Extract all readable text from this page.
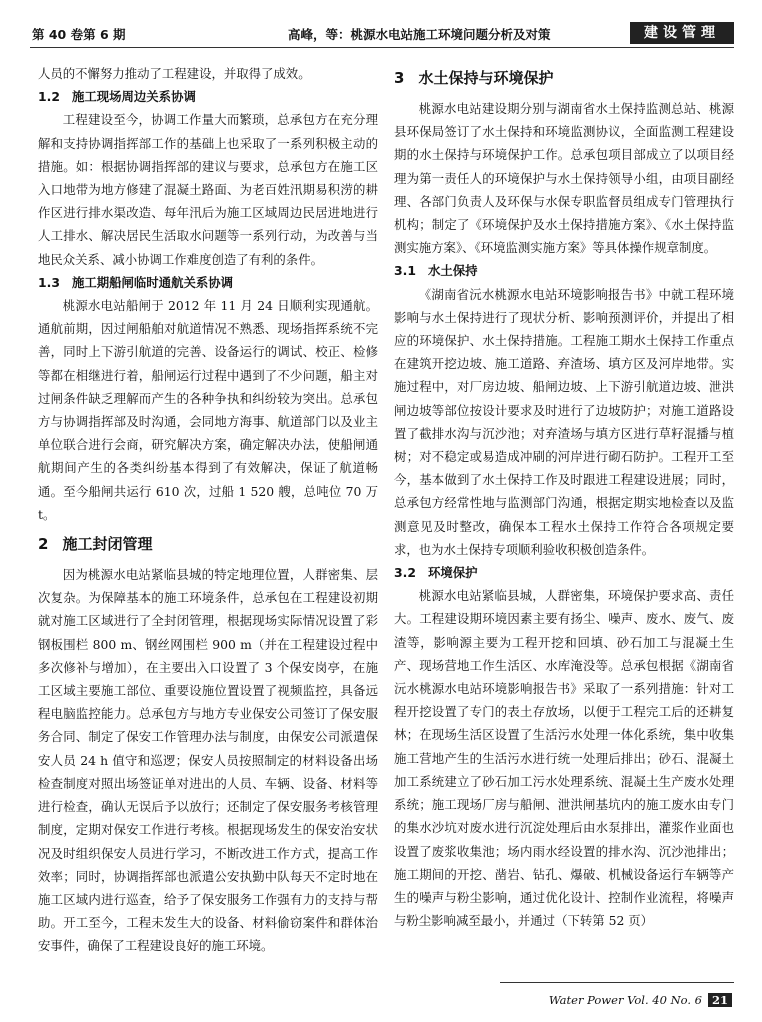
第 40 卷第 6 期	高峰，等：桃源水电站施工环境问题分析及对策	建设管理

人员的不懈努力推动了工程建设，并取得了成效。

1.2 施工现场周边关系协调

工程建设至今，协调工作量大而繁琐，总承包方在充分理解和支持协调指挥部工作的基础上也采取了一系列积极主动的措施。如：根据协调指挥部的建议与要求，总承包方在施工区入口地带为地方修建了混凝土路面、为老百姓汛期易积涝的耕作区进行排水渠改造、每年汛后为施工区域周边民居进地进行人工排水、解决居民生活取水问题等一系列行动，为改善与当地民众关系、减小协调工作难度创造了有利的条件。

1.3 施工期船闸临时通航关系协调

桃源水电站船闸于 2012 年 11 月 24 日顺利实现通航。通航前期，因过闸船舶对航道情况不熟悉、现场指挥系统不完善，同时上下游引航道的完善、设备运行的调试、校正、检修等都在相继进行着，船闸运行过程中遇到了不少问题，船主对过闸条件缺乏理解而产生的各种争执和纠纷较为突出。总承包方与协调指挥部及时沟通，会同地方海事、航道部门以及业主单位联合进行会商，研究解决方案，确定解决办法，使船闸通航期间产生的各类纠纷基本得到了有效解决，保证了航道畅通。至今船闸共运行 610 次，过船 1 520 艘，总吨位 70 万 t。

2 施工封闭管理

因为桃源水电站紧临县城的特定地理位置，人群密集、层次复杂。为保障基本的施工环境条件，总承包在工程建设初期就对施工区域进行了全封闭管理，根据现场实际情况设置了彩钢板围栏 800 m、钢丝网围栏 900 m（并在工程建设过程中多次修补与增加），在主要出入口设置了 3 个保安岗亭，在施工区域主要施工部位、重要设施位置设置了视频监控，具备远程电脑监控能力。总承包方与地方专业保安公司签订了保安服务合同、制定了保安工作管理办法与制度，由保安公司派遣保安人员 24 h 值守和巡逻；保安人员按照制定的材料设备出场检查制度对照出场签证单对进出的人员、车辆、设备、材料等进行检查，确认无误后予以放行；还制定了保安服务考核管理制度，定期对保安工作进行考核。根据现场发生的保安治安状况及时组织保安人员进行学习，不断改进工作方式，提高工作效率；同时，协调指挥部也派遣公安执勤中队每天不定时地在施工区域内进行巡查，给予了保安服务工作强有力的支持与帮助。开工至今，工程未发生大的设备、材料偷窃案件和群体治安事件，确保了工程建设良好的施工环境。

3 水土保持与环境保护

桃源水电站建设期分别与湖南省水土保持监测总站、桃源县环保局签订了水土保持和环境监测协议，全面监测工程建设期的水土保持与环境保护工作。总承包项目部成立了以项目经理为第一责任人的环境保护与水土保持领导小组，由项目副经理、各部门负责人及环保与水保专职监督员组成专门管理执行机构；制定了《环境保护及水土保持措施方案》、《水土保持监测实施方案》、《环境监测实施方案》等具体操作规章制度。

3.1 水土保持

《湖南省沅水桃源水电站环境影响报告书》中就工程环境影响与水土保持进行了现状分析、影响预测评价，并提出了相应的环境保护、水土保持措施。工程施工期水土保持工作重点在建筑开挖边坡、施工道路、弃渣场、填方区及河岸地带。实施过程中，对厂房边坡、船闸边坡、上下游引航道边坡、泄洪闸边坡等部位按设计要求及时进行了边坡防护；对施工道路设置了截排水沟与沉沙池；对弃渣场与填方区进行草籽混播与植树；对不稳定或易造成冲刷的河岸进行砌石防护。工程开工至今，基本做到了水土保持工作及时跟进工程建设进展；同时，总承包方经常性地与监测部门沟通，根据定期实地检查以及监测意见及时整改，确保本工程水土保持工作符合各项规定要求，也为水土保持专项顺利验收积极创造条件。

3.2 环境保护

桃源水电站紧临县城，人群密集，环境保护要求高、责任大。工程建设期环境因素主要有扬尘、噪声、废水、废气、废渣等，影响源主要为工程开挖和回填、砂石加工与混凝土生产、现场营地工作生活区、水库淹没等。总承包根据《湖南省沅水桃源水电站环境影响报告书》采取了一系列措施：针对工程开挖设置了专门的表土存放场，以便于工程完工后的还耕复林；在现场生活区设置了生活污水处理一体化系统，集中收集施工营地产生的生活污水进行统一处理后排出；砂石、混凝土加工系统建立了砂石加工污水处理系统、混凝土生产废水处理系统；施工现场厂房与船闸、泄洪闸基坑内的施工废水由专门的集水沙坑对废水进行沉淀处理后由水泵排出，灌浆作业面也设置了废浆收集池；场内雨水经设置的排水沟、沉沙池排出；施工期间的开挖、凿岩、钻孔、爆破、机械设备运行车辆等产生的噪声与粉尘影响，通过优化设计、控制作业流程，将噪声与粉尘影响减至最小，并通过（下转第 52 页）

Water Power Vol. 40 No. 6 21
